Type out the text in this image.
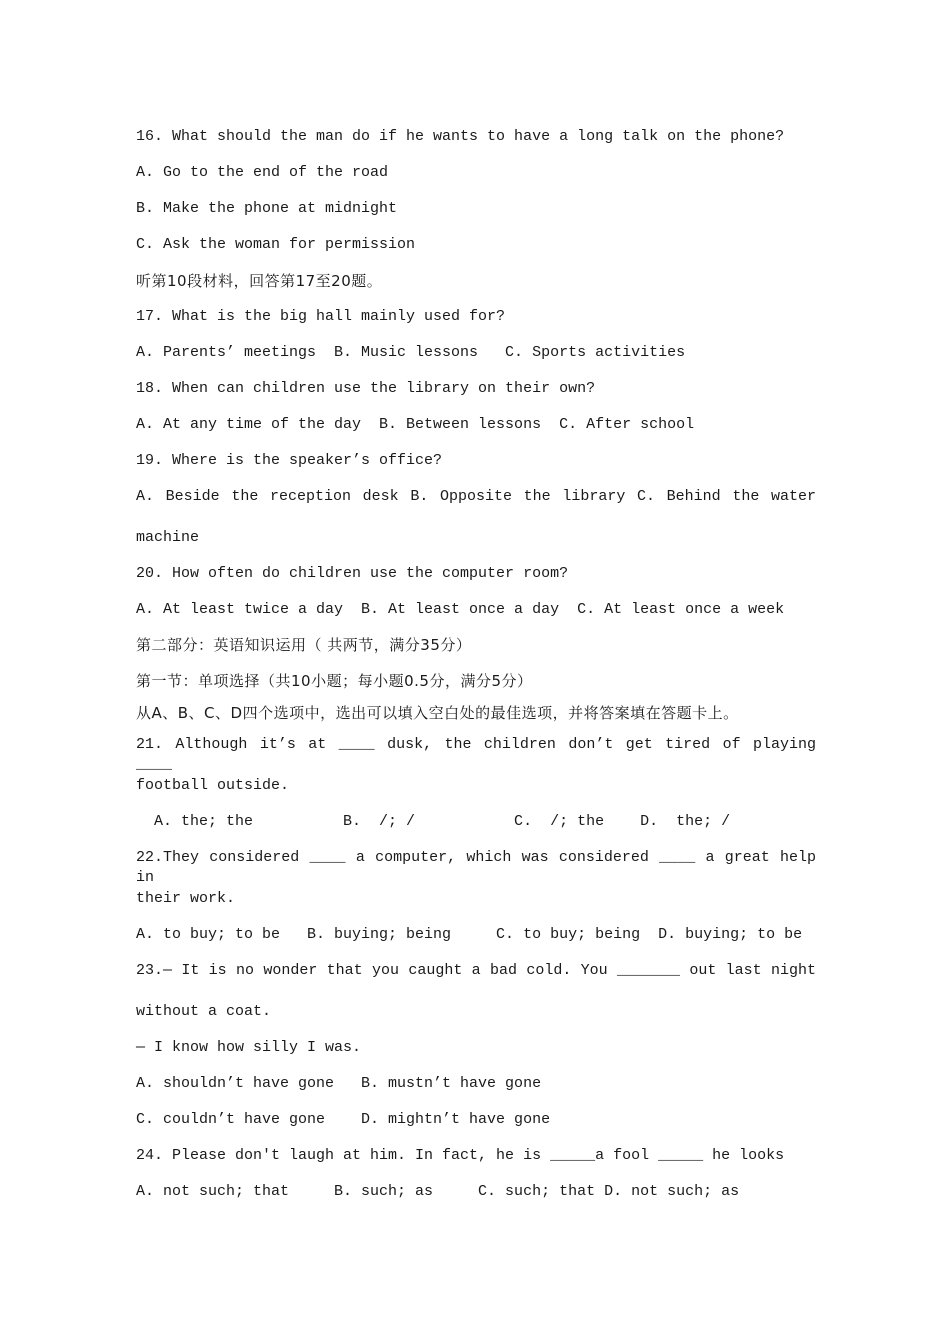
16. What should the man do if he wants to have a long talk on the phone?
A. Go to the end of the road
B. Make the phone at midnight
C. Ask the woman for permission
听第10段材料，回答第17至20题。
17. What is the big hall mainly used for?
A. Parents’ meetings  B. Music lessons   C. Sports activities
18. When can children use the library on their own?
A. At any time of the day  B. Between lessons  C. After school
19. Where is the speaker’s office?
A. Beside the reception desk B. Opposite the library C. Behind the water
machine
20. How often do children use the computer room?
A. At least twice a day  B. At least once a day  C. At least once a week
第二部分：英语知识运用（ 共两节，满分35分）
第一节：单项选择（共10小题；每小题0.5分，满分5分）
从A、B、C、D四个选项中，选出可以填入空白处的最佳选项，并将答案填在答题卡上。
21. Although it’s at ____ dusk, the children don’t get tired of playing ____
football outside.
A. the; the          B.  /; /           C.  /; the    D.  the; /
22.They considered ____ a computer, which was considered ____ a great help in
their work.
A. to buy; to be   B. buying; being     C. to buy; being  D. buying; to be
23.— It is no wonder that you caught a bad cold. You _______ out last night
without a coat.
— I know how silly I was.
A. shouldn’t have gone   B. mustn’t have gone
C. couldn’t have gone    D. mightn’t have gone
24. Please don't laugh at him. In fact, he is _____a fool _____ he looks
A. not such; that     B. such; as     C. such; that D. not such; as
